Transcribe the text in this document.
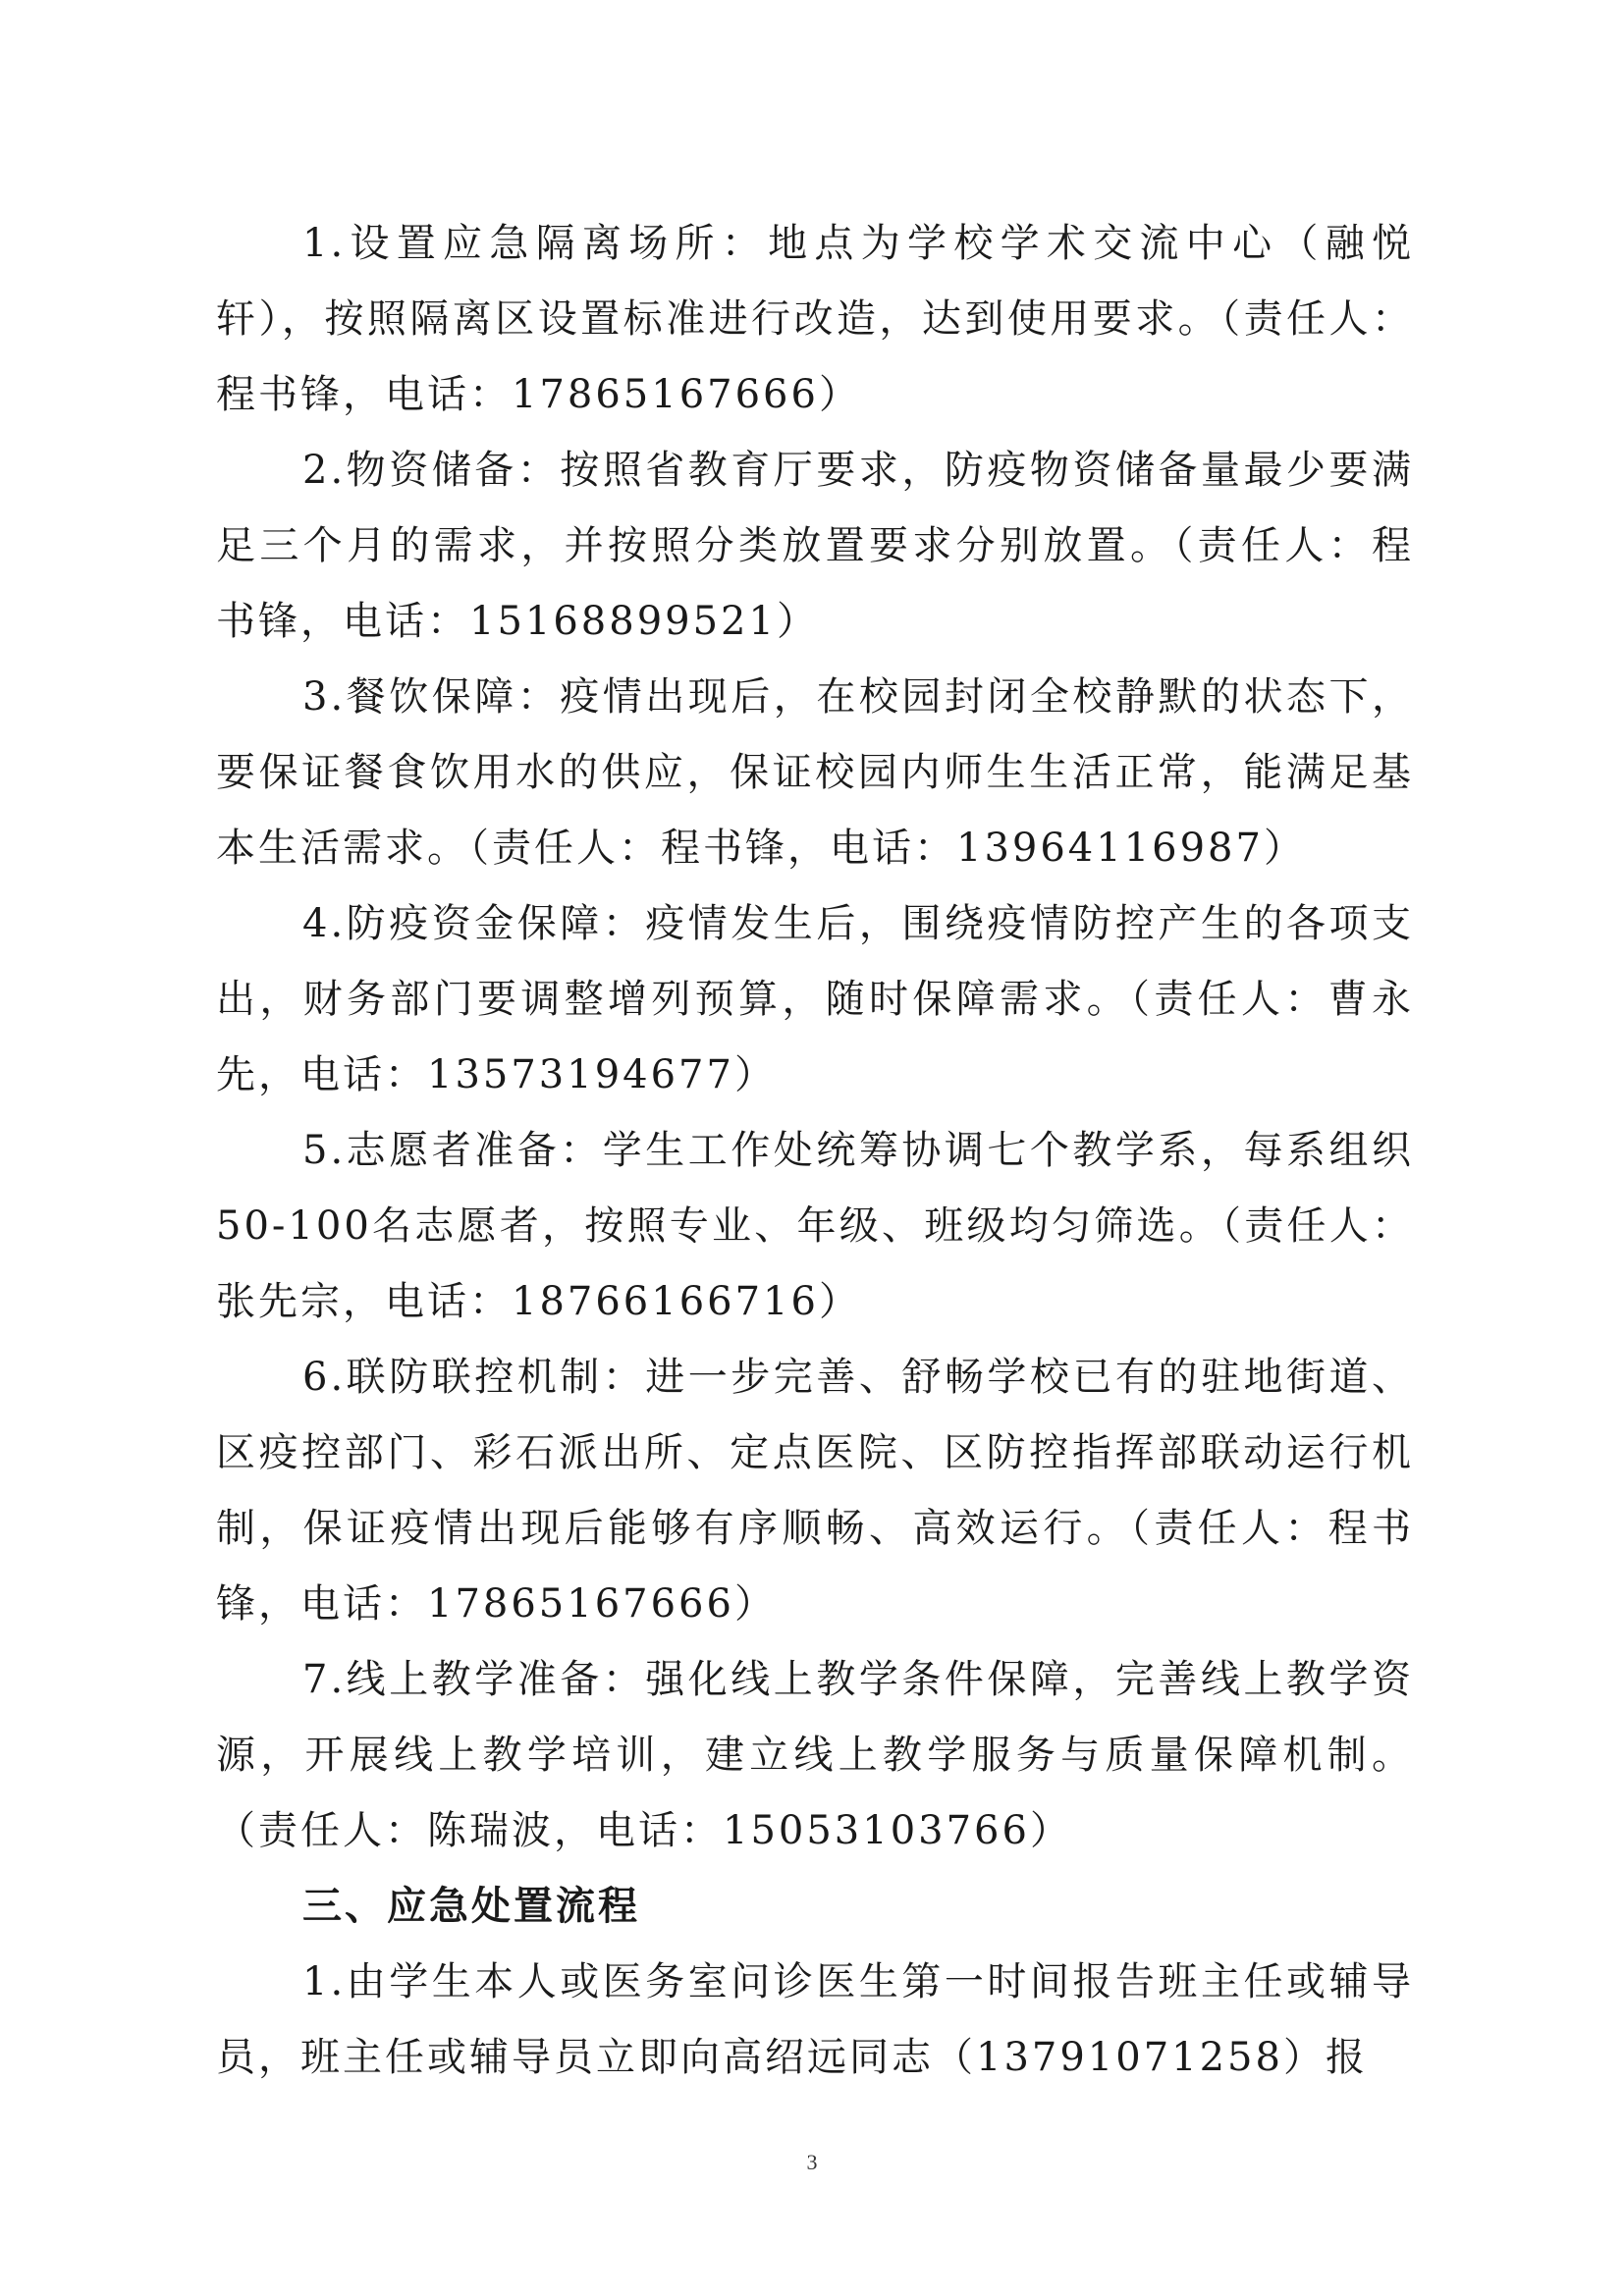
1.设置应急隔离场所：地点为学校学术交流中心（融悦轩），按照隔离区设置标准进行改造，达到使用要求。（责任人：程书锋，电话：17865167666）

2.物资储备：按照省教育厅要求，防疫物资储备量最少要满足三个月的需求，并按照分类放置要求分别放置。（责任人：程书锋，电话：15168899521）

3.餐饮保障：疫情出现后，在校园封闭全校静默的状态下，要保证餐食饮用水的供应，保证校园内师生生活正常，能满足基本生活需求。（责任人：程书锋，电话：13964116987）

4.防疫资金保障：疫情发生后，围绕疫情防控产生的各项支出，财务部门要调整增列预算，随时保障需求。（责任人：曹永先，电话：13573194677）

5.志愿者准备：学生工作处统筹协调七个教学系，每系组织50-100名志愿者，按照专业、年级、班级均匀筛选。（责任人：张先宗，电话：18766166716）

6.联防联控机制：进一步完善、舒畅学校已有的驻地街道、区疫控部门、彩石派出所、定点医院、区防控指挥部联动运行机制，保证疫情出现后能够有序顺畅、高效运行。（责任人：程书锋，电话：17865167666）

7.线上教学准备：强化线上教学条件保障，完善线上教学资源，开展线上教学培训，建立线上教学服务与质量保障机制。（责任人：陈瑞波，电话：15053103766）

三、应急处置流程

1.由学生本人或医务室问诊医生第一时间报告班主任或辅导员，班主任或辅导员立即向高绍远同志（13791071258）报

3
